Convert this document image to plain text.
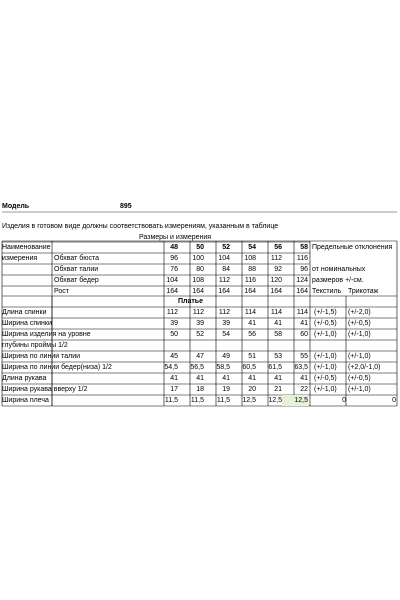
Модель	895
Изделия в готовом виде должны соответствовать измерениям, указанным в таблице
Размеры и измерения
Наименование
измерения
48	50	52	54	56	58 Предельные отклонения
от номинальных
размеров +/-см.
Обхват бюста	96	100	104	108	112	116
Обхват талии	76	80	84	88	92	96
Обхват бедер	104	108	112	116	120	124
Рост	164	164	164	164	164	164 Текстиль Трикотаж
Платье
Длина спинки	112	112	112	114	114	114 (+/-1,5) (+/-2,0)
Ширина спинки	39	39	39	41	41	41 (+/-0,5) (+/-0,5)
Ширина изделия на уровне	50	52	54	56	58	60 (+/-1,0) (+/-1,0)
глубины проймы 1/2
Ширина по линии талии	45	47	49	51	53	55 (+/-1,0) (+/-1,0)
Ширина по линии бедер(низа) 1/2	54,5	56,5	58,5	60,5	61,5	63,5 (+/-1,0) (+2,0/-1,0)
Длина рукава	41	41	41	41	41	41 (+/-0,5) (+/-0,5)
Ширина рукава вверху 1/2	17	18	19	20	21	22 (+/-1,0) (+/-1,0)
Ширина плеча	11,5	11,5	11,5	12,5	12,5	12,5	0	0
